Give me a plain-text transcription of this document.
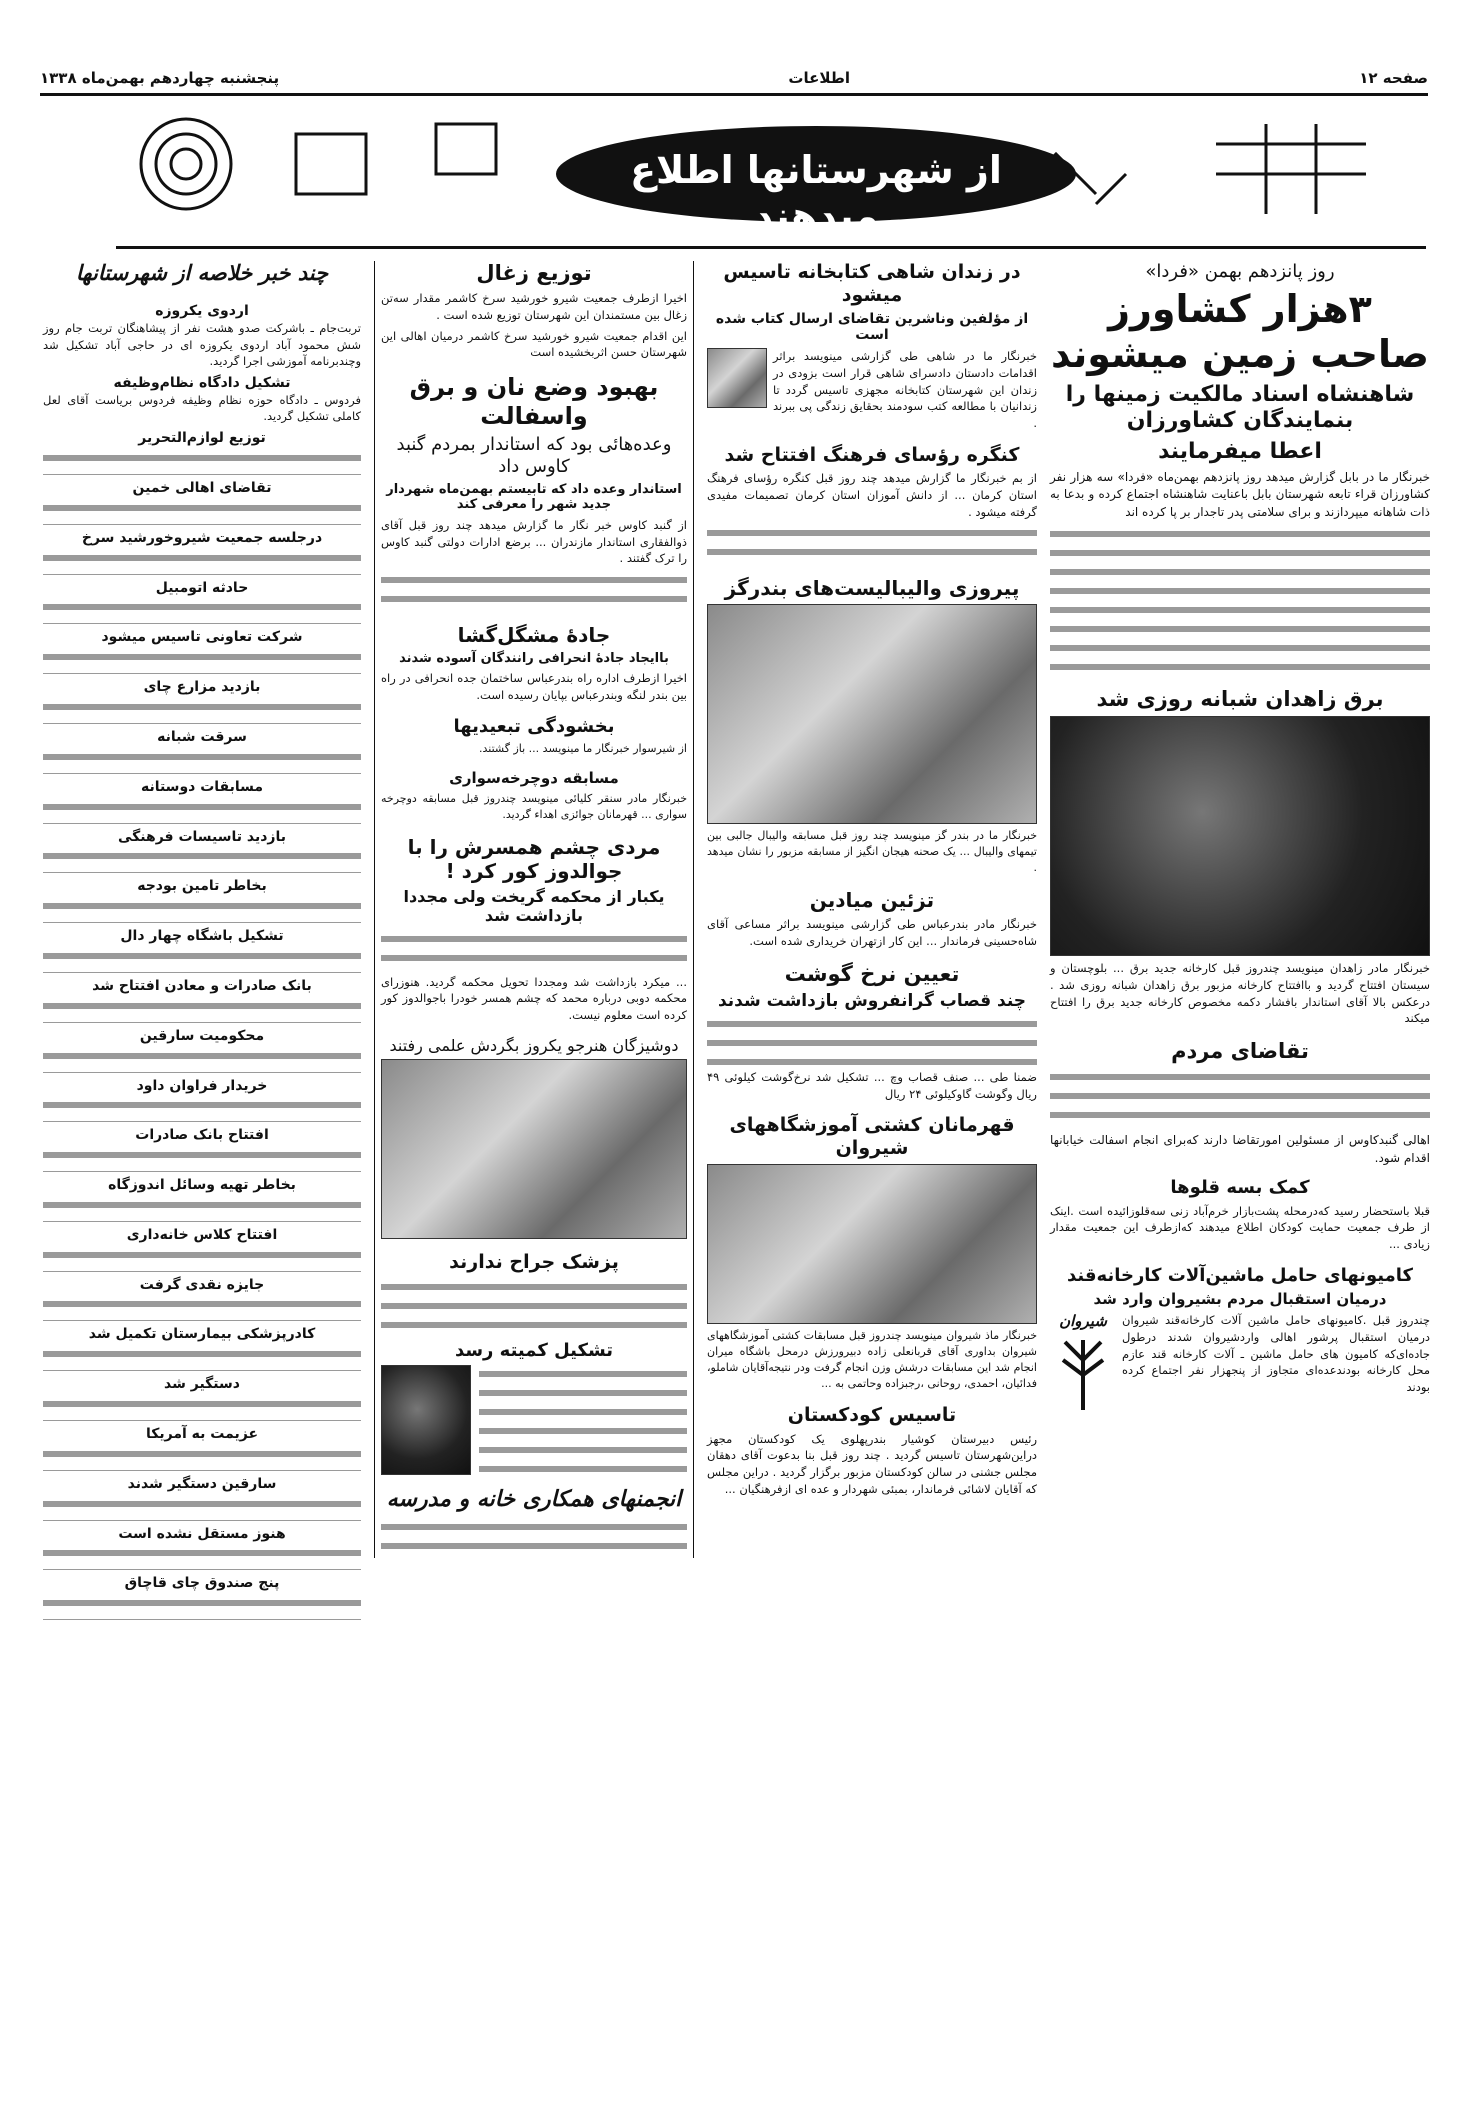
صفحه ۱۲
اطلاعات
پنجشنبه چهاردهم بهمن‌ماه ۱۳۳۸
از شهرستانها اطلاع میدهند
روز پانزدهم بهمن «فردا»
۳هزار کشاورز صاحب زمین میشوند
شاهنشاه اسناد مالکیت زمینها را بنمایندگان کشاورزان
اعطا میفرمایند

خبرنگار ما در بابل گزارش میدهد روز پانزدهم بهمن‌ماه «فردا» سه هزار نفر کشاورزان قراء تابعه شهرستان بابل باعنایت شاهنشاه اجتماع کرده و بدعا به ذات شاهانه میپردازند و برای سلامتی پدر تاجدار بر پا کرده اند

برق زاهدان شبانه روزی شد

خبرنگار مادر زاهدان مینویسد چندروز قبل کارخانه جدید برق ... بلوچستان و سیستان افتتاح گردید و باافتتاح کارخانه مزبور برق زاهدان شبانه روزی شد . درعکس بالا آقای استاندار بافشار دکمه مخصوص کارخانه جدید برق را افتتاح میکند

تقاضای مردم

اهالی گنبدکاوس از مسئولین امورتقاضا دارند که‌برای انجام اسفالت خیابانها اقدام شود.

کمک بسه قلوها

قبلا باستحضار رسید که‌درمحله پشت‌بازار خرم‌آباد زنی سه‌قلوزائیده است .اینک از طرف جمعیت حمایت کودکان اطلاع میدهند که‌ازطرف این جمعیت مقدار زیادی ...

کامیونهای حامل ماشین‌آلات کارخانه‌قند
درمیان استقبال مردم بشیروان وارد شد

چندروز قبل .کامیونهای حامل ماشین آلات کارخانه‌قند شیروان درمیان استقبال پرشور اهالی واردشیروان شدند درطول جاده‌ای‌که کامیون های حامل ماشین ـ آلات کارخانه قند عازم محل کارخانه بودندعده‌ای متجاوز از پنجهزار نفر اجتماع کرده بودند

شیروان
در زندان شاهی کتابخانه تاسیس میشود
از مؤلفین وناشرین تقاضای ارسال کتاب شده است

خبرنگار ما در شاهی طی گزارشی مینویسد براثر اقدامات دادستان دادسرای شاهی قرار است بزودی در زندان این شهرستان کتابخانه مجهزی تاسیس گردد تا زندانیان با مطالعه کتب سودمند بحقایق زندگی پی ببرند .

کنگره رؤسای فرهنگ افتتاح شد

از بم خبرنگار ما گزارش میدهد چند روز قبل کنگره رؤسای فرهنگ استان کرمان ... از دانش آموزان استان کرمان تصمیمات مفیدی گرفته میشود .

پیروزی والیبالیست‌های بندرگز

خبرنگار ما در بندر گز مینویسد چند روز قبل مسابقه والیبال جالبی بین تیمهای والیبال ... یک صحنه هیجان انگیز از مسابقه مزبور را نشان میدهد .

تزئین میادین

خبرنگار مادر بندرعباس طی گزارشی مینویسد براثر مساعی آقای شاه‌حسینی فرماندار ... این کار ازتهران خریداری شده است.

تعیین نرخ گوشت
چند قصاب گرانفروش بازداشت شدند

ضمنا طی ... صنف قصاب وچ ... تشکیل شد نرخ‌گوشت کیلوئی ۴۹ ریال وگوشت گاوکیلوئی ۲۴ ریال

قهرمانان کشتی آموزشگاههای شیروان

خبرنگار ماذ شیروان مینویسد چندروز قبل مسابقات کشتی آموزشگاههای شیروان بداوری آقای قربانعلی زاده دبیرورزش درمحل باشگاه میران انجام شد این مسابقات درشش وزن انجام گرفت ودر نتیجه‌آقایان شاملو، فدائیان، احمدی، روحانی ،رجبزاده وحاتمی به ...

تاسیس کودکستان

رئیس دبیرستان کوشیار بندرپهلوی یک کودکستان مجهز دراین‌شهرستان تاسیس گردید . چند روز قبل بنا بدعوت آقای دهقان مجلس جشنی در سالن کودکستان مزبور برگزار گردید . دراین مجلس که آقایان لاشائی فرماندار، بمبئی شهردار و عده ای ازفرهنگیان ...

توزیع زغال

اخیرا ازطرف جمعیت شیرو خورشید سرخ کاشمر مقدار سه‌تن زغال بین مستمندان این شهرستان توزیع شده است .

این اقدام جمعیت شیرو خورشید سرخ کاشمر درمیان اهالی این شهرستان حسن اثربخشیده است

بهبود وضع نان و برق واسفالت
وعده‌هائی بود که استاندار بمردم گنبد کاوس داد
استاندار وعده داد که تابیستم بهمن‌ماه شهردار جدید شهر را معرفی کند

از گنبد کاوس خبر نگار ما گزارش میدهد چند روز قبل آقای ذوالفقاری استاندار مازندران ... برضع ادارات دولتی گنبد کاوس را ترک گفتند .

جادهٔ مشگل‌گشا
باایجاد جادهٔ انحرافی رانندگان آسوده شدند

اخیرا ازطرف اداره راه بندرعباس ساختمان جده انحرافی در راه بین بندر لنگه وبندرعباس بپایان رسیده است.

بخشودگی تبعیدیها

از شیرسوار خبرنگار ما مینویسد ... باز گشتند.

مسابقه دوچرخه‌سواری

خبرنگار مادر سنقر کلیائی مینویسد چندروز قبل مسابقه دوچرخه سواری ... قهرمانان جوائزی اهداء گردید.

مردی چشم همسرش را با جوالدوز کور کرد !
یکبار از محکمه گریخت ولی مجددا بازداشت شد

... میکرد بازداشت شد ومجددا تحویل محکمه گردید. هنوزرای محکمه دوبی درباره محمد که چشم همسر خودرا باجوالدوز کور کرده است معلوم نیست.

دوشیزگان هنرجو یکروز بگردش علمی رفتند
پزشک جراح ندارند
تشکیل کمیته رسد
انجمنهای همکاری خانه و مدرسه
چند خبر خلاصه از شهرستانها
اردوی یکروزه

تربت‌جام ـ باشرکت صدو هشت نفر از پیشاهنگان تربت جام روز شش محمود آباد اردوی یکروزه ای در حاجی آباد تشکیل شد وچندبرنامه آموزشی اجرا گردید.

تشکیل دادگاه نظام‌وظیفه

فردوس ـ دادگاه حوزه نظام وظیفه فردوس بریاست آقای لعل کاملی تشکیل گردید.

توزیع لوازم‌التحریر
تقاضای اهالی خمین
درجلسه جمعیت شیروخورشید سرخ
حادثه اتومبیل
شرکت تعاونی تاسیس میشود
بازدید مزارع چای
سرقت شبانه
مسابقات دوستانه
بازدید تاسیسات فرهنگی
بخاطر تامین بودجه
تشکیل باشگاه چهار دال
بانک صادرات و معادن افتتاح شد
محکومیت سارقین
خریدار فراوان داود
افتتاح بانک صادرات
بخاطر تهیه وسائل اندوزگاه
افتتاح کلاس خانه‌داری
جایزه نقدی گرفت
کادرپزشکی بیمارستان تکمیل شد
دستگیر شد
عزیمت به آمریکا
سارقین دستگیر شدند
هنوز مستقل نشده است
پنج صندوق چای قاچاق
